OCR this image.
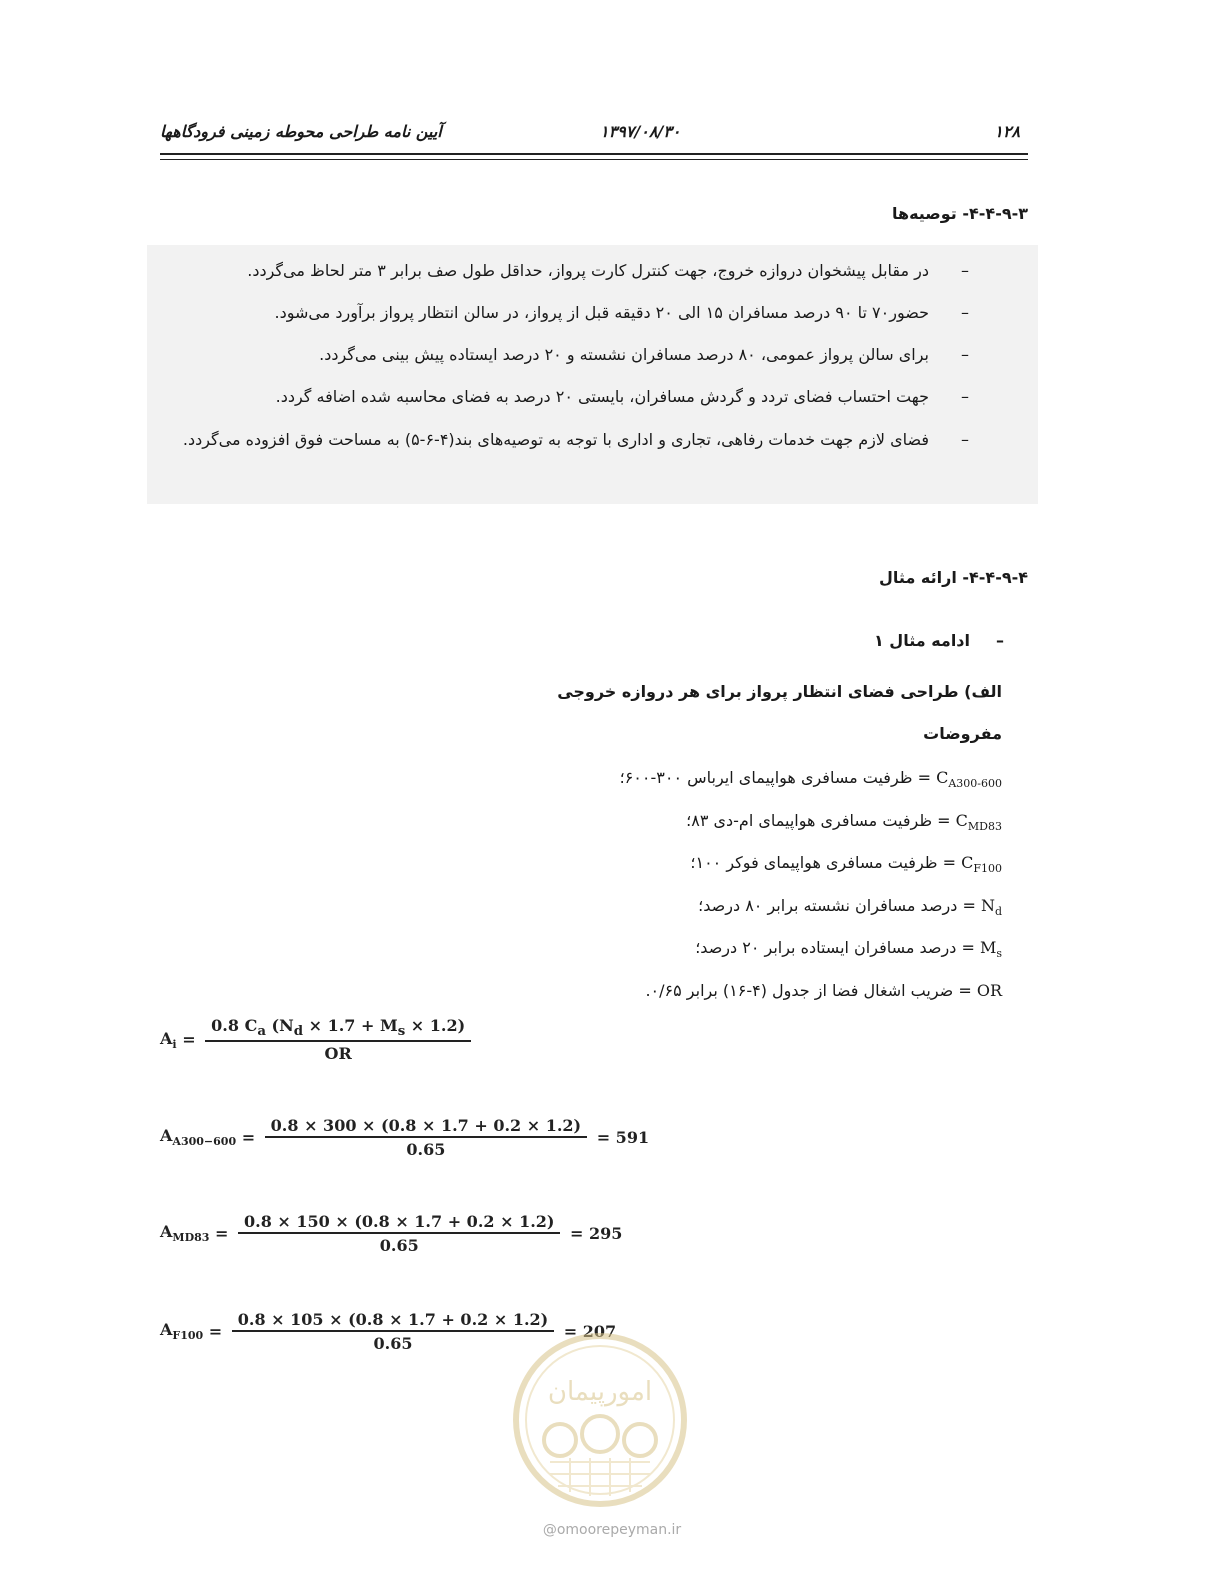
۱۲۸
۱۳۹۷/۰۸/۳۰
آیین نامه طراحی محوطه زمینی فرودگاهها
۴-۴-۹-۳- توصیه‌ها
–
در مقابل پیشخوان دروازه خروج، جهت کنترل کارت پرواز، حداقل طول صف برابر ۳ متر لحاظ می‌گردد.
–
حضور۷۰ تا ۹۰ درصد مسافران ۱۵ الی ۲۰ دقیقه قبل از پرواز، در سالن انتظار پرواز برآورد می‌شود.
–
برای سالن پرواز عمومی، ۸۰ درصد مسافران نشسته و ۲۰ درصد ایستاده پیش بینی می‌گردد.
–
جهت احتساب فضای تردد و گردش مسافران، بایستی ۲۰ درصد به فضای محاسبه شده اضافه گردد.
–
فضای لازم جهت خدمات رفاهی، تجاری و اداری با توجه به توصیه‌های بند(۴-۶-۵) به مساحت فوق افزوده می‌گردد.
۴-۴-۹-۴- ارائه مثال
–ادامه مثال ۱
الف) طراحی فضای انتظار پرواز برای هر دروازه خروجی
مفروضات
$C_{A300-600}$ = ظرفیت مسافری هواپیمای ایرباس ۳۰۰-۶۰۰؛
$C_{MD83}$ = ظرفیت مسافری هواپیمای ام-دی ۸۳؛
$C_{F100}$ = ظرفیت مسافری هواپیمای فوکر ۱۰۰؛
$N_d$ = درصد مسافران نشسته برابر ۸۰ درصد؛
$M_s$ = درصد مسافران ایستاده برابر ۲۰ درصد؛
OR = ضریب اشغال فضا از جدول (۴-۱۶) برابر ۰/۶۵.
$A_i = \frac{0.8 C_a (N_d \times 1.7 + M_s \times 1.2)}{OR}$
$A_{A300-600} = \frac{0.8 \times 300 \times (0.8 \times 1.7 + 0.2 \times 1.2)}{0.65} = 591$
$A_{MD83} = \frac{0.8 \times 150 \times (0.8 \times 1.7 + 0.2 \times 1.2)}{0.65} = 295$
$A_{F100} = \frac{0.8 \times 105 \times (0.8 \times 1.7 + 0.2 \times 1.2)}{0.65} = 207$
امورپیمان
@omoorepeyman.ir
